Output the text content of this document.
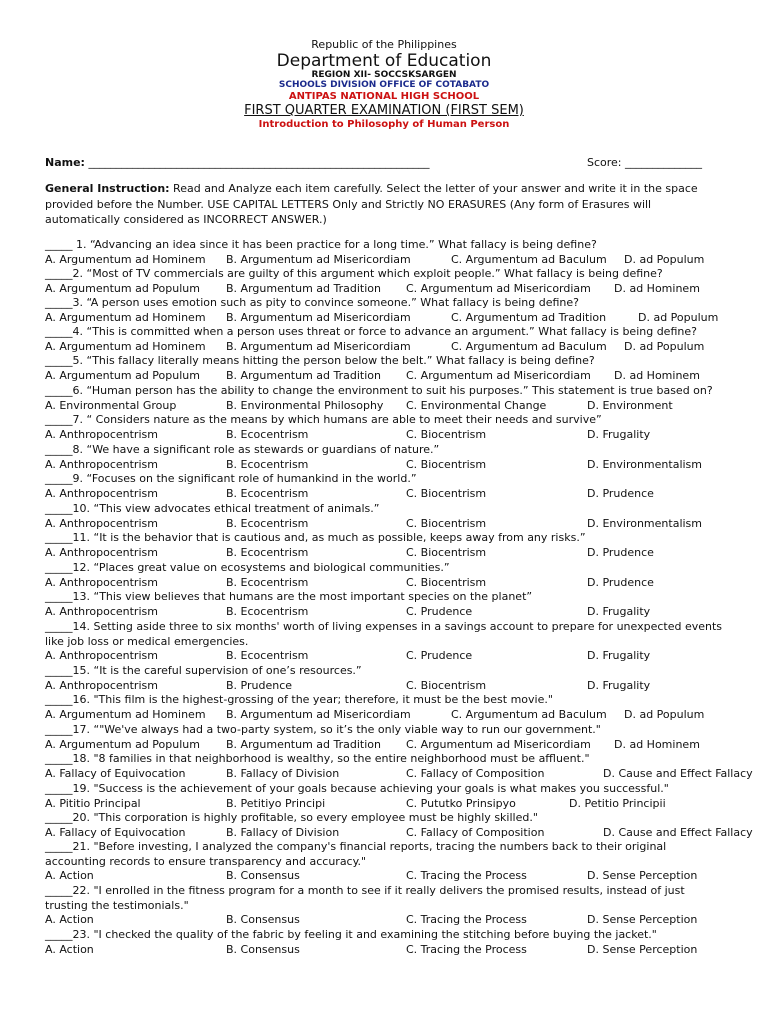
Republic of the Philippines
Department of Education
REGION XII- SOCCSKSARGEN
SCHOOLS DIVISION OFFICE OF COTABATO
ANTIPAS NATIONAL HIGH SCHOOL
FIRST QUARTER EXAMINATION (FIRST SEM)
Introduction to Philosophy of Human Person
Name: ______________________________________________________________	Score: ______________
General Instruction: Read and Analyze each item carefully. Select the letter of your answer and write it in the space provided before the Number. USE CAPITAL LETTERS Only and Strictly NO ERASURES (Any form of Erasures will automatically considered as INCORRECT ANSWER.)
_____ 1. “Advancing an idea since it has been practice for a long time.” What fallacy is being define?
A. Argumentum ad Hominem B. Argumentum ad Misericordiam	C. Argumentum ad Baculum D. ad Populum
_____2. “Most of TV commercials are guilty of this argument which exploit people.” What fallacy is being define?
A. Argumentum ad Populum B. Argumentum ad Tradition C. Argumentum ad Misericordiam D. ad Hominem
_____3. “A person uses emotion such as pity to convince someone.” What fallacy is being define?
A. Argumentum ad Hominem B. Argumentum ad Misericordiam	C. Argumentum ad Tradition	D. ad Populum
_____4. “This is committed when a person uses threat or force to advance an argument.” What fallacy is being define?
A. Argumentum ad Hominem B. Argumentum ad Misericordiam	C. Argumentum ad Baculum D. ad Populum
_____5. “This fallacy literally means hitting the person below the belt.” What fallacy is being define?
A. Argumentum ad Populum B. Argumentum ad Tradition C. Argumentum ad Misericordiam D. ad Hominem
_____6. “Human person has the ability to change the environment to suit his purposes.” This statement is true based on?
A. Environmental Group	B. Environmental Philosophy C. Environmental Change	D. Environment
_____7. “ Considers nature as the means by which humans are able to meet their needs and survive”
A. Anthropocentrism	B. Ecocentrism	C. Biocentrism	D. Frugality
_____8. “We have a significant role as stewards or guardians of nature.”
A. Anthropocentrism	B. Ecocentrism	C. Biocentrism	D. Environmentalism
_____9. “Focuses on the significant role of humankind in the world.”
A. Anthropocentrism	B. Ecocentrism	C. Biocentrism	D. Prudence
_____10. “This view advocates ethical treatment of animals.”
A. Anthropocentrism	B. Ecocentrism	C. Biocentrism	D. Environmentalism
_____11. “It is the behavior that is cautious and, as much as possible, keeps away from any risks.”
A. Anthropocentrism	B. Ecocentrism	C. Biocentrism	D. Prudence
_____12. “Places great value on ecosystems and biological communities.”
A. Anthropocentrism	B. Ecocentrism	C. Biocentrism	D. Prudence
_____13. “This view believes that humans are the most important species on the planet”
A. Anthropocentrism	B. Ecocentrism	C. Prudence	D. Frugality
_____14. Setting aside three to six months' worth of living expenses in a savings account to prepare for unexpected events like job loss or medical emergencies.
A. Anthropocentrism	B. Ecocentrism	C. Prudence	D. Frugality
_____15. “It is the careful supervision of one’s resources.”
A. Anthropocentrism	B. Prudence	C. Biocentrism	D. Frugality
_____16. "This film is the highest-grossing of the year; therefore, it must be the best movie."
A. Argumentum ad Hominem B. Argumentum ad Misericordiam	C. Argumentum ad Baculum D. ad Populum
_____17. “"We've always had a two-party system, so it’s the only viable way to run our government."
A. Argumentum ad Populum B. Argumentum ad Tradition C. Argumentum ad Misericordiam D. ad Hominem
_____18. "8 families in that neighborhood is wealthy, so the entire neighborhood must be affluent."
A. Fallacy of Equivocation	B. Fallacy of Division	C. Fallacy of Composition	D. Cause and Effect Fallacy
_____19. "Success is the achievement of your goals because achieving your goals is what makes you successful."
A. Pititio Principal	B. Petitiyo Principi	C. Pututko Prinsipyo	D. Petitio Principii
_____20. "This corporation is highly profitable, so every employee must be highly skilled."
A. Fallacy of Equivocation	B. Fallacy of Division	C. Fallacy of Composition	D. Cause and Effect Fallacy
_____21. "Before investing, I analyzed the company's financial reports, tracing the numbers back to their original accounting records to ensure transparency and accuracy."
A. Action	B. Consensus	C. Tracing the Process	D. Sense Perception
_____22. "I enrolled in the fitness program for a month to see if it really delivers the promised results, instead of just trusting the testimonials."
A. Action	B. Consensus	C. Tracing the Process	D. Sense Perception
_____23. "I checked the quality of the fabric by feeling it and examining the stitching before buying the jacket."
A. Action	B. Consensus	C. Tracing the Process	D. Sense Perception
